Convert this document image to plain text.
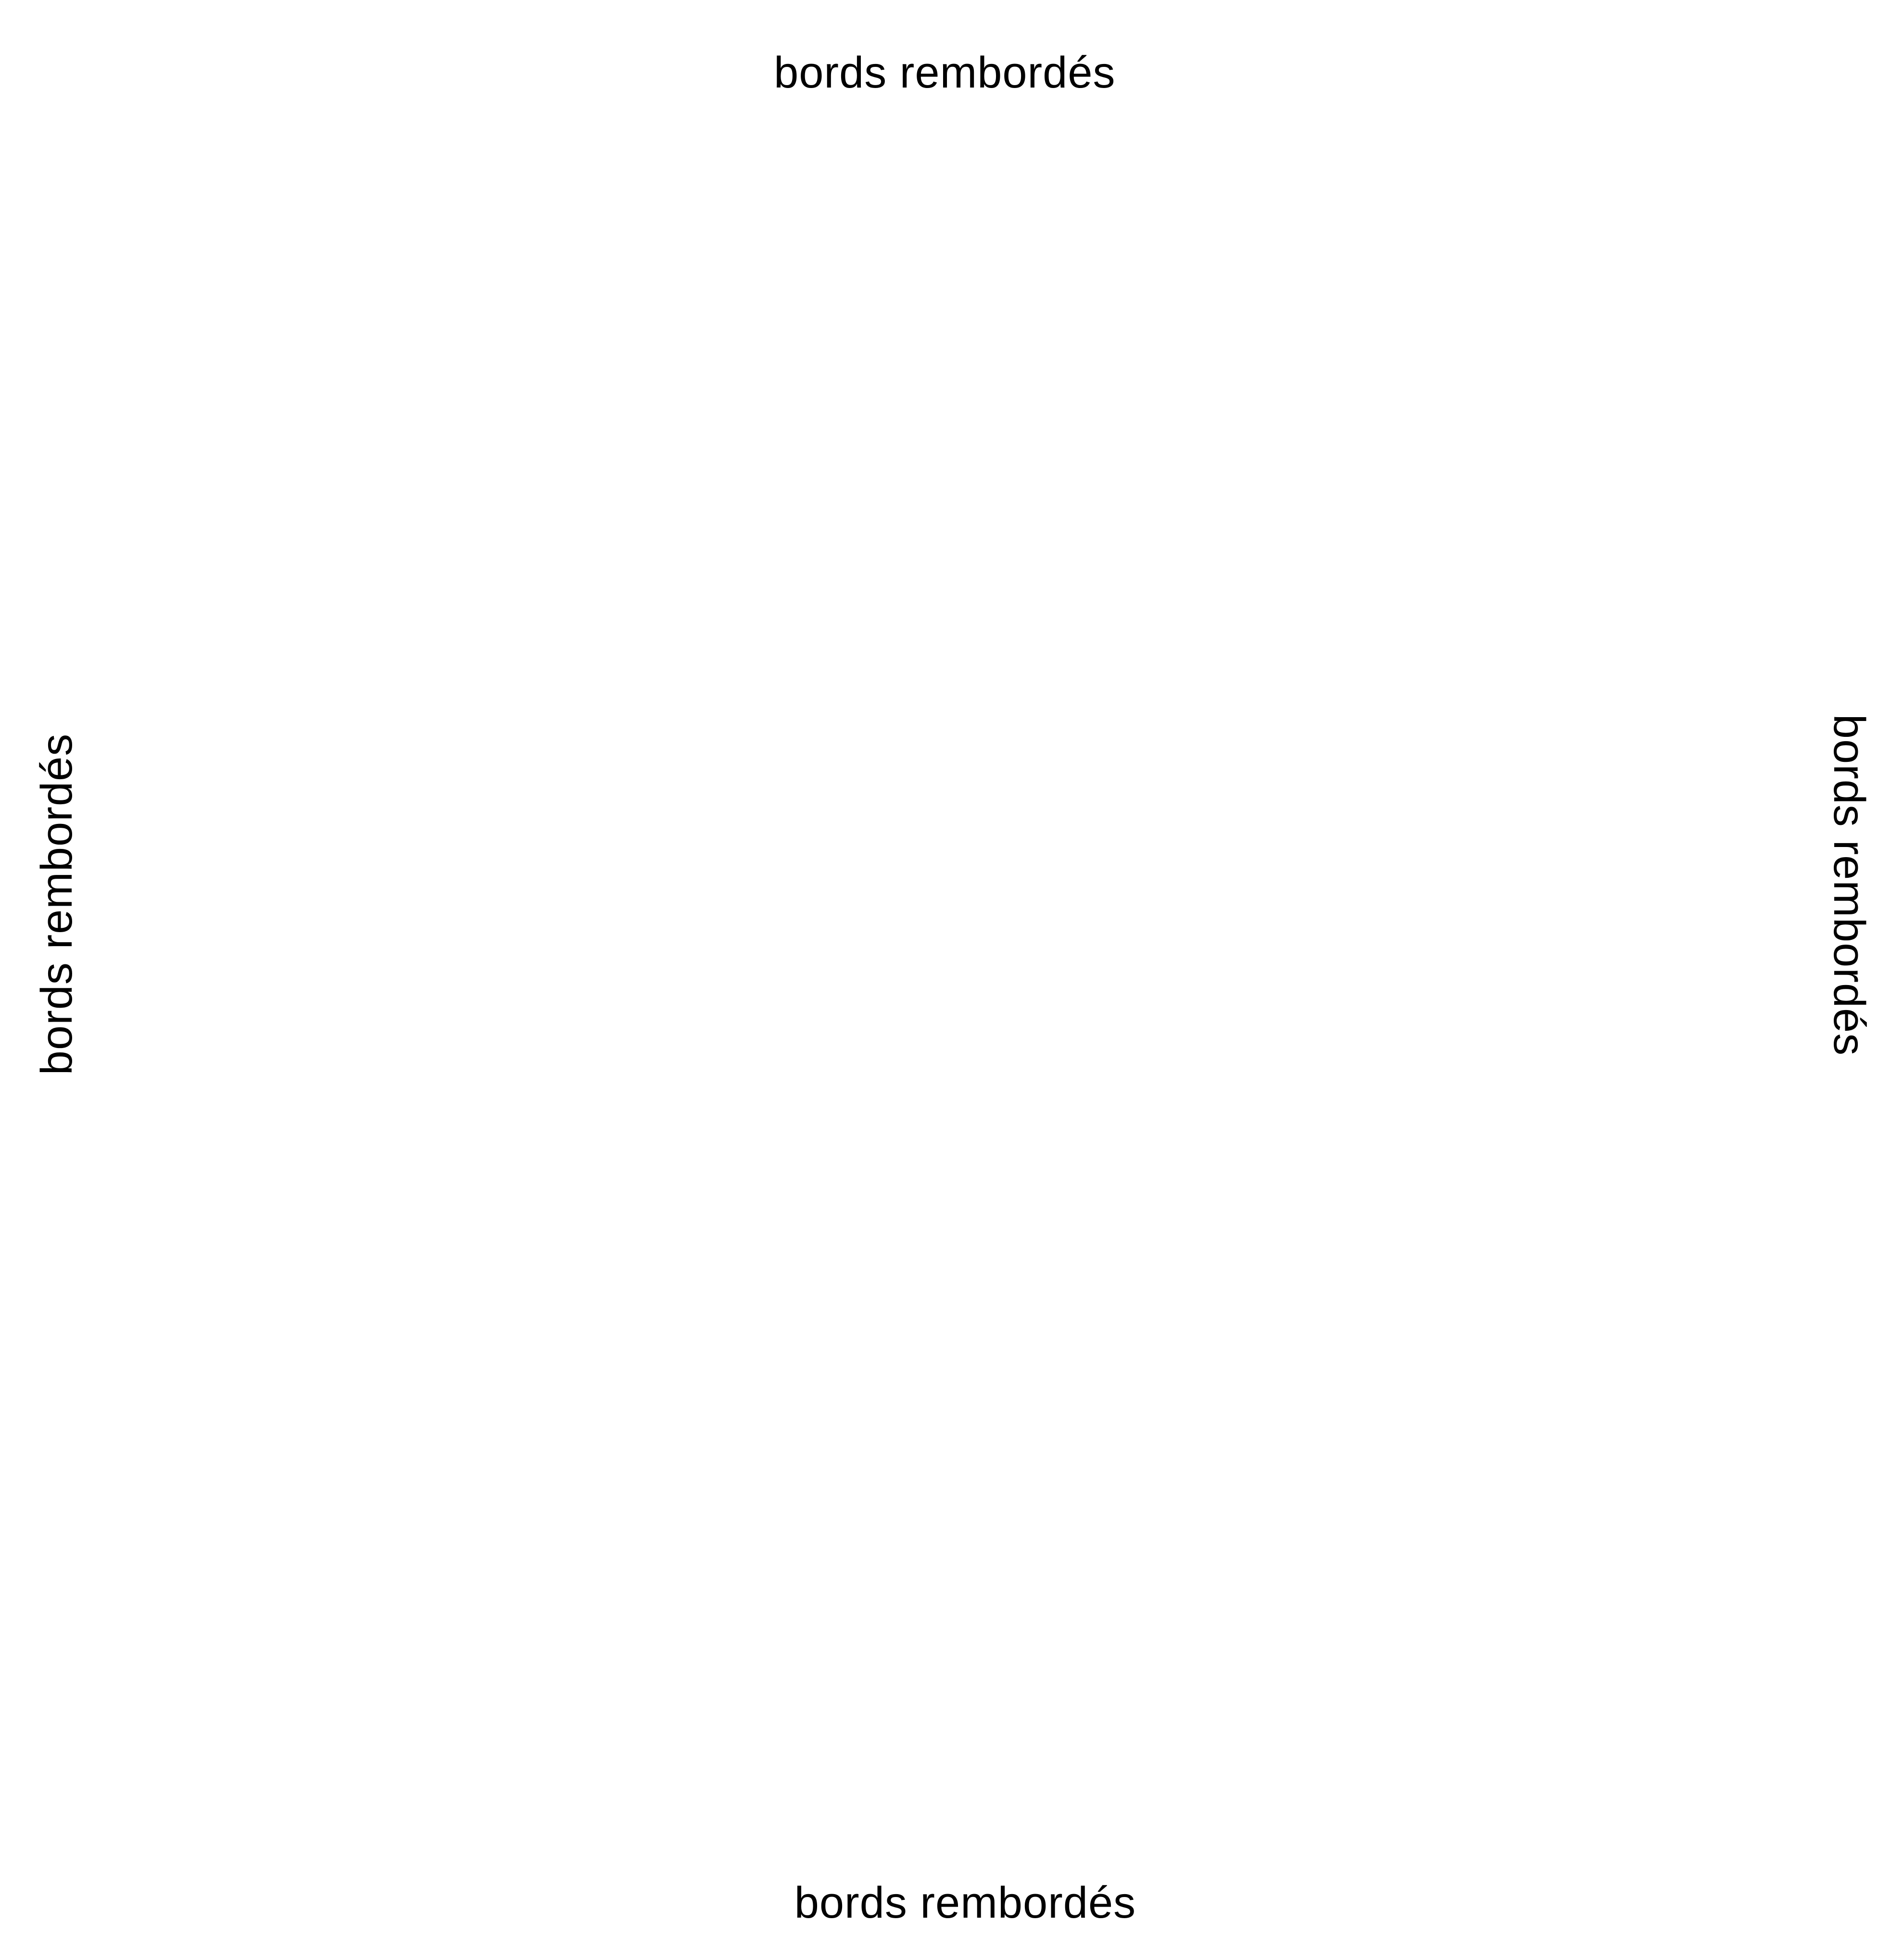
bords rembordés
bords rembordés	bords rembordés
bords rembordés
